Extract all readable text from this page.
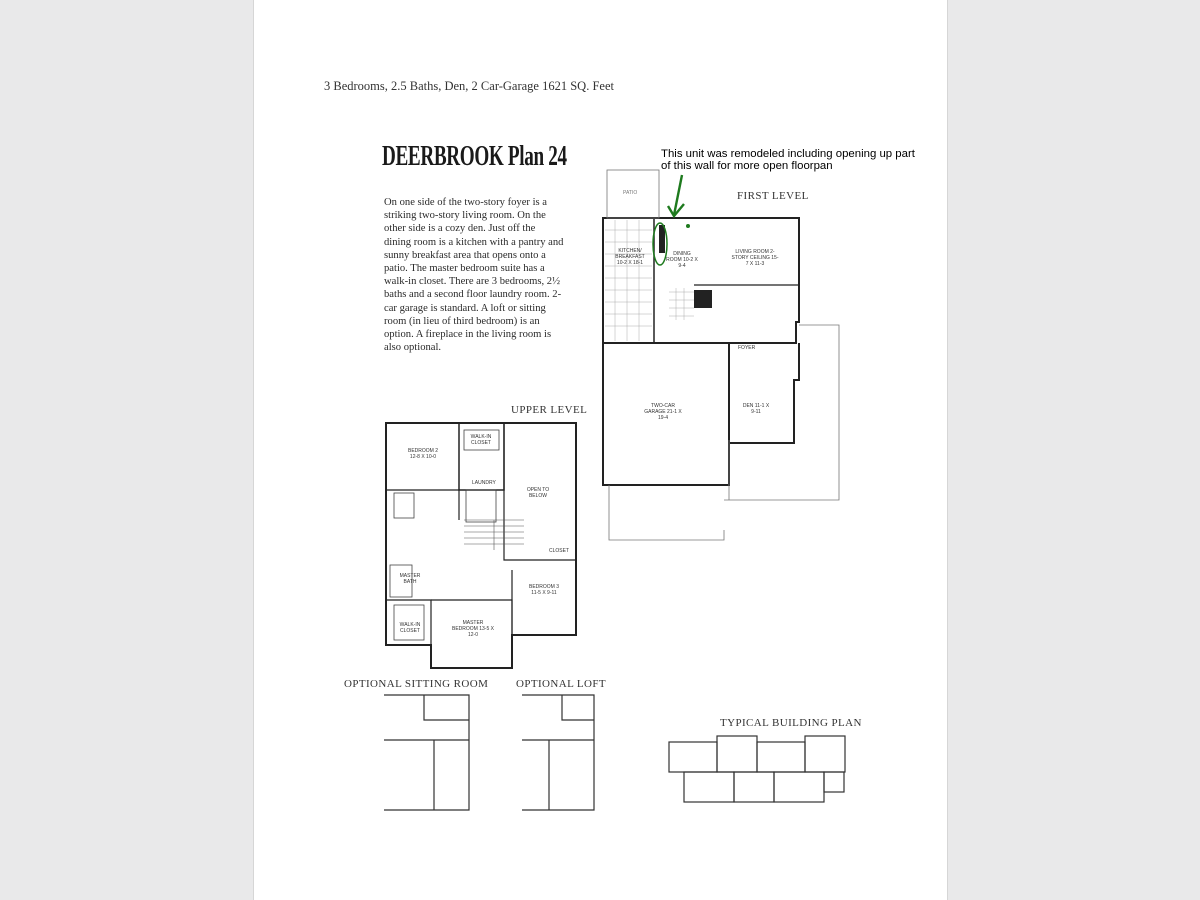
3 Bedrooms, 2.5 Baths, Den, 2 Car-Garage 1621 SQ. Feet
DEERBROOK Plan 24
On one side of the two-story foyer is a striking two-story living room. On the other side is a cozy den. Just off the dining room is a kitchen with a pantry and sunny breakfast area that opens onto a patio. The master bedroom suite has a walk-in closet. There are 3 bedrooms, 2½ baths and a second floor laundry room. 2-car garage is standard. A loft or sitting room (in lieu of third bedroom) is an option. A fireplace in the living room is also optional.
This unit was remodeled including opening up part
of this wall for more open floorpan
FIRST LEVEL
UPPER LEVEL
OPTIONAL SITTING ROOM	OPTIONAL LOFT
TYPICAL BUILDING PLAN
PATIO
KITCHEN/ BREAKFAST 10-2 X 18-1
DINING ROOM 10-2 X 9-4
LIVING ROOM 2-STORY CEILING 15-7 X 11-3
TWO-CAR GARAGE 21-1 X 19-4
DEN 11-1 X 9-11
FOYER
BEDROOM 2 12-8 X 10-0
WALK-IN CLOSET
LAUNDRY
OPEN TO BELOW
MASTER BATH
BEDROOM 3 11-5 X 9-11
MASTER BEDROOM 13-5 X 12-0
WALK-IN CLOSET
CLOSET
